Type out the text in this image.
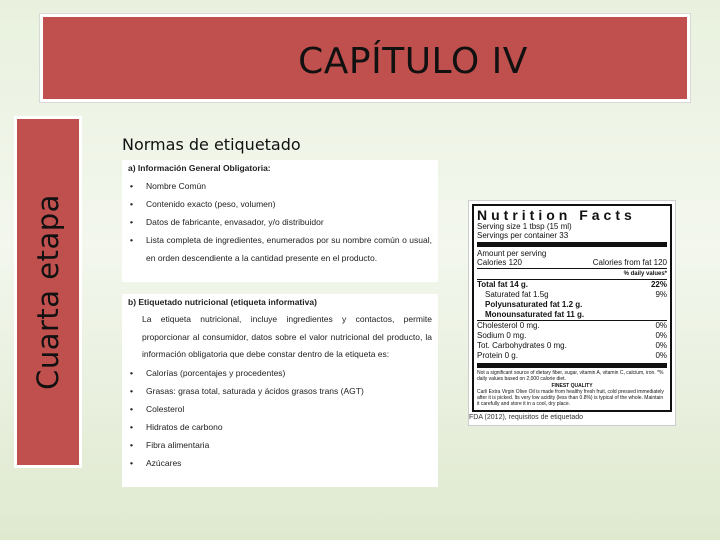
CAPÍTULO IV
Cuarta etapa
Normas de etiquetado
a) Información General Obligatoria:
•	Nombre Común
•	Contenido exacto (peso, volumen)
•	Datos de fabricante, envasador, y/o distribuidor
•	Lista completa de ingredientes, enumerados por su nombre común o usual, en orden descendiente a la cantidad presente en el producto.
b) Etiquetado nutricional (etiqueta informativa)
La etiqueta nutricional, incluye ingredientes y contactos, permite proporcionar al consumidor, datos sobre el valor nutricional del producto, la información obligatoria que debe constar dentro de la etiqueta es:
•	Calorías (porcentajes y procedentes)
•	Grasas: grasa total, saturada y ácidos grasos trans (AGT)
•	Colesterol
•	Hidratos de carbono
•	Fibra alimentaria
•	Azúcares
Nutrition Facts
Serving size 1 tbsp (15 ml)
Servings per container 33
Amount per serving
Calories 120	Calories from fat 120
% daily values*
Total fat 14 g.	22%
Saturated fat 1.5g	9%
Polyunsaturated fat 1.2 g.
Monounsaturated fat 11 g.
Cholesterol 0 mg.	0%
Sodium 0 mg.	0%
Tot. Carbohydrates 0 mg.	0%
Protein 0 g.	0%
Not a significant source of dietary fiber, sugar, vitamin A, vitamin C, calcium, iron. *% daily values based on 2,000 calorie diet.
FINEST QUALITY
Carli Extra Virgin Olive Oil is made from healthy fresh fruit, cold pressed immediately after it is picked. Its very low acidity (less than 0.8%) is typical of the whole. Maintain it carefully and store it in a cool, dry place.
FDA (2012), requisitos de etiquetado
